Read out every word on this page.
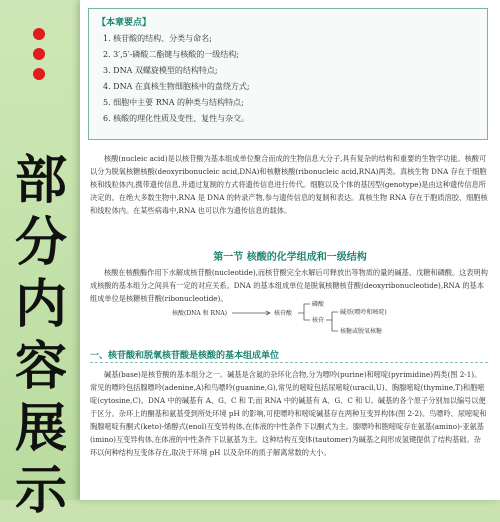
部
分
内
容
展
示
【本章要点】
1. 核苷酸的结构、分类与命名;
2. 3′,5′-磷酸二酯键与核酸的一级结构;
3. DNA 双螺旋模型的结构特点;
4. DNA 在真核生物细胞核中的盘绕方式;
5. 细胞中主要 RNA 的种类与结构特点;
6. 核酸的理化性质及变性、复性与杂交。

核酸(nucleic acid)是以核苷酸为基本组成单位聚合而成的生物信息大分子,具有复杂的结构和重要的生物学功能。核酸可以分为脱氧核糖核酸(deoxyribonucleic acid,DNA)和核糖核酸(ribonucleic acid,RNA)两类。真核生物 DNA 存在于细胞核和线粒体内,携带遗传信息,并通过复制的方式将遗传信息进行传代。细胞以及个体的基因型(genotype)是由这种遗传信息所决定的。在绝大多数生物中,RNA 是 DNA 的转录产物,参与遗传信息的复制和表达。真核生物 RNA 存在于胞质溶胶、细胞核和线粒体内。在某些病毒中,RNA 也可以作为遗传信息的载体。

第一节 核酸的化学组成和一级结构

核酸在核酸酶作用下水解成核苷酸(nucleotide),而核苷酸完全水解后可释放出等物质的量的碱基、戊糖和磷酸。这表明构成核酸的基本组分之间具有一定的对应关系。DNA 的基本组成单位是脱氧核糖核苷酸(deoxyribonucleotide),RNA 的基本组成单位是核糖核苷酸(ribonucleotide)。

核酸(DNA 和 RNA)	核苷酸
磷酸
核苷
碱基(嘌呤和嘧啶)
核糖或脱氧核糖
一、核苷酸和脱氧核苷酸是核酸的基本组成单位

碱基(base)是核苷酸的基本组分之一。碱基是含氮的杂环化合物,分为嘌呤(purine)和嘧啶(pyrimidine)两类(图 2-1)。常见的嘌呤包括腺嘌呤(adenine,A)和鸟嘌呤(guanine,G),常见的嘧啶包括尿嘧啶(uracil,U)、胸腺嘧啶(thymine,T)和胞嘧啶(cytosine,C)。DNA 中的碱基有 A、G、C 和 T;而 RNA 中的碱基有 A、G、C 和 U。碱基的各个原子分别加以编号以便于区分。杂环上的酮基和氨基受到所处环境 pH 的影响,可使嘌呤和嘧啶碱基存在两种互变异构体(图 2-2)。鸟嘌呤、尿嘧啶和胸腺嘧啶有酮式(keto)-烯醇式(enol)互变异构体,在体液的中性条件下以酮式为主。腺嘌呤和胞嘧啶存在氨基(amino)-亚氨基(imino)互变异构体,在体液的中性条件下以氨基为主。这种结构互变体(tautomer)为碱基之间形成氢键提供了结构基础。杂环以何种结构互变体存在,取决于环境 pH 以及杂环的质子解离常数的大小。
